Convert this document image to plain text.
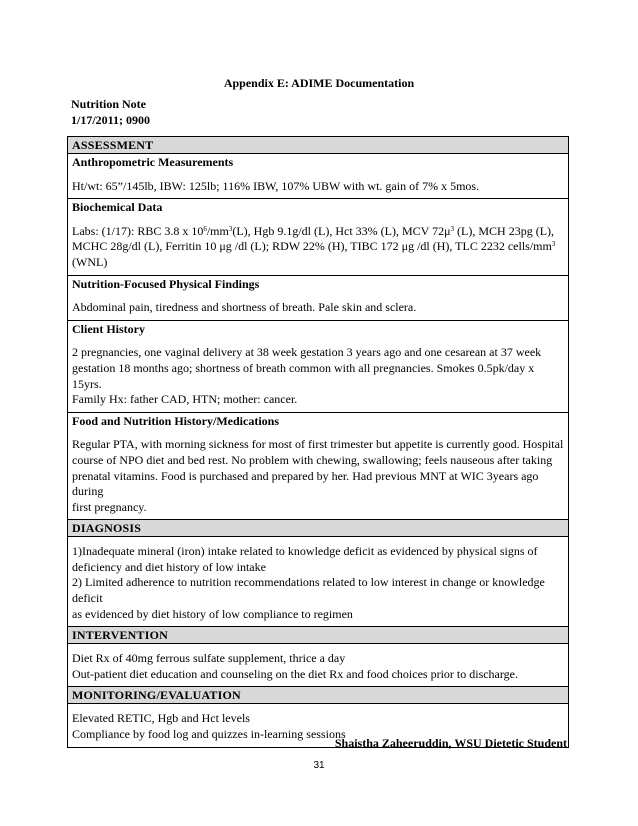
Appendix E: ADIME Documentation
Nutrition Note
1/17/2011; 0900
ASSESSMENT
Anthropometric Measurements
Ht/wt: 65”/145lb, IBW: 125lb; 116% IBW, 107% UBW with wt. gain of 7% x 5mos.
Biochemical Data
Labs: (1/17): RBC 3.8 x $10^6/mm^3(L)$, Hgb 9.1g/dl (L), Hct 33% (L), MCV $72\mu^3$ (L), MCH 23pg (L),
MCHC 28g/dl (L), Ferritin 10 μg /dl (L); RDW 22% (H), TIBC 172 μg /dl (H), TLC 2232 cells/$mm^3$
(WNL)
Nutrition-Focused Physical Findings
Abdominal pain, tiredness and shortness of breath. Pale skin and sclera.
Client History
2 pregnancies, one vaginal delivery at 38 week gestation 3 years ago and one cesarean at 37 week
gestation 18 months ago; shortness of breath common with all pregnancies. Smokes 0.5pk/day x 15yrs.
Family Hx: father CAD, HTN; mother: cancer.
Food and Nutrition History/Medications
Regular PTA, with morning sickness for most of first trimester but appetite is currently good. Hospital
course of NPO diet and bed rest. No problem with chewing, swallowing; feels nauseous after taking
prenatal vitamins. Food is purchased and prepared by her. Had previous MNT at WIC 3years ago during
first pregnancy.
DIAGNOSIS
1)Inadequate mineral (iron) intake related to knowledge deficit as evidenced by physical signs of
deficiency and diet history of low intake
2) Limited adherence to nutrition recommendations related to low interest in change or knowledge deficit
as evidenced by diet history of low compliance to regimen
INTERVENTION
Diet Rx of 40mg ferrous sulfate supplement, thrice a day
Out-patient diet education and counseling on the diet Rx and food choices prior to discharge.
MONITORING/EVALUATION
Elevated RETIC, Hgb and Hct levels
Compliance by food log and quizzes in-learning sessions
Shaistha Zaheeruddin, WSU Dietetic Student
31
